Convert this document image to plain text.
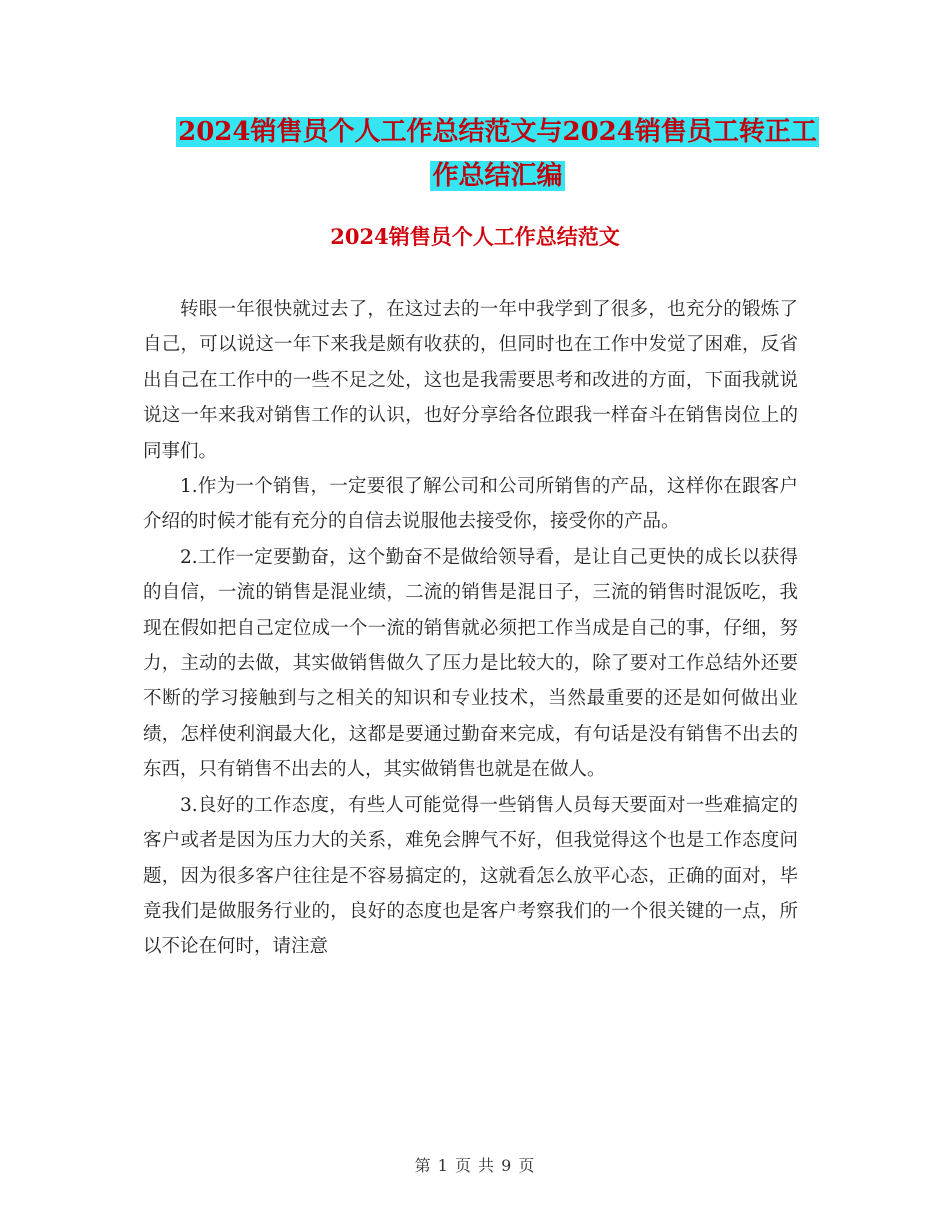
2024销售员个人工作总结范文与2024销售员工转正工
作总结汇编
2024销售员个人工作总结范文

转眼一年很快就过去了，在这过去的一年中我学到了很多，也充分的锻炼了自己，可以说这一年下来我是颇有收获的，但同时也在工作中发觉了困难，反省出自己在工作中的一些不足之处，这也是我需要思考和改进的方面，下面我就说说这一年来我对销售工作的认识，也好分享给各位跟我一样奋斗在销售岗位上的同事们。

1.作为一个销售，一定要很了解公司和公司所销售的产品，这样你在跟客户介绍的时候才能有充分的自信去说服他去接受你，接受你的产品。

2.工作一定要勤奋，这个勤奋不是做给领导看，是让自己更快的成长以获得的自信，一流的销售是混业绩，二流的销售是混日子，三流的销售时混饭吃，我现在假如把自己定位成一个一流的销售就必须把工作当成是自己的事，仔细，努力，主动的去做，其实做销售做久了压力是比较大的，除了要对工作总结外还要不断的学习接触到与之相关的知识和专业技术，当然最重要的还是如何做出业绩，怎样使利润最大化，这都是要通过勤奋来完成，有句话是没有销售不出去的东西，只有销售不出去的人，其实做销售也就是在做人。

3.良好的工作态度，有些人可能觉得一些销售人员每天要面对一些难搞定的客户或者是因为压力大的关系，难免会脾气不好，但我觉得这个也是工作态度问题，因为很多客户往往是不容易搞定的，这就看怎么放平心态，正确的面对，毕竟我们是做服务行业的，良好的态度也是客户考察我们的一个很关键的一点，所以不论在何时，请注意

第 1 页 共 9 页
